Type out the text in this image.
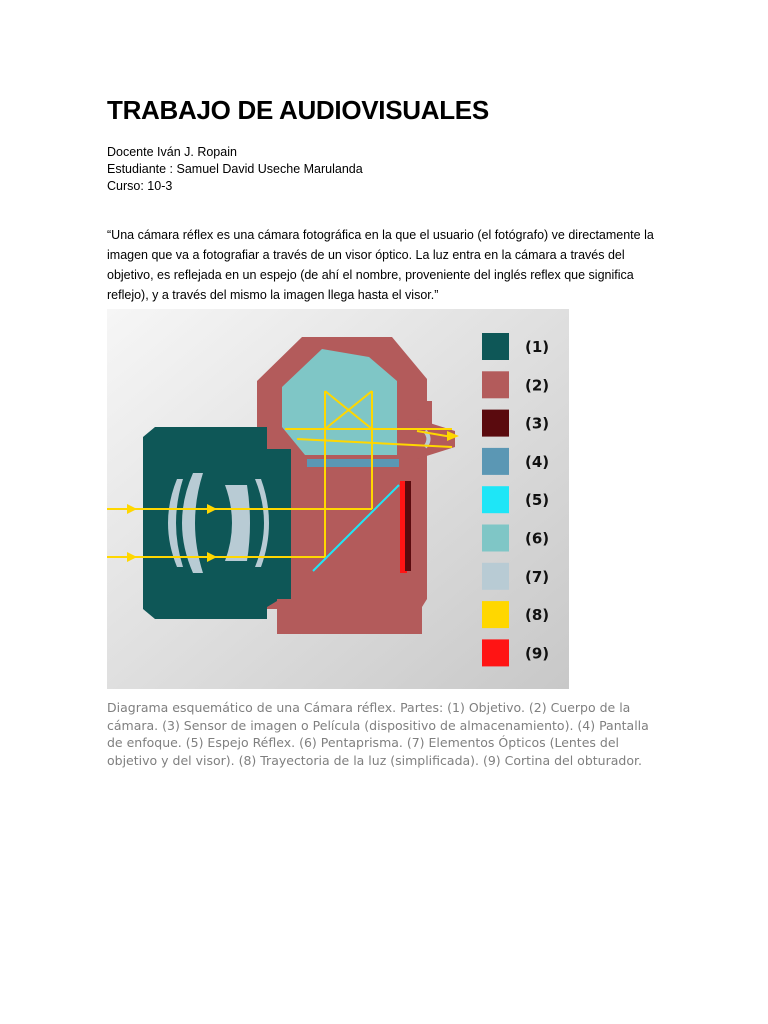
TRABAJO DE AUDIOVISUALES
Docente Iván J. Ropain
Estudiante : Samuel David Useche Marulanda
Curso: 10-3
“Una cámara réflex es una cámara fotográfica en la que el usuario (el fotógrafo) ve directamente la imagen que va a fotografiar a través de un visor óptico. La luz entra en la cámara a través del objetivo, es reflejada en un espejo (de ahí el nombre, proveniente del inglés reflex que significa reflejo), y a través del mismo la imagen llega hasta el visor.”
(1)
(2)
(3)
(4)
(5)
(6)
(7)
(8)
(9)
Diagrama esquemático de una Cámara réflex. Partes: (1) Objetivo. (2) Cuerpo de la cámara. (3) Sensor de imagen o Película (dispositivo de almacenamiento). (4) Pantalla de enfoque. (5) Espejo Réflex. (6) Pentaprisma. (7) Elementos Ópticos (Lentes del objetivo y del visor). (8) Trayectoria de la luz (simplificada). (9) Cortina del obturador.
